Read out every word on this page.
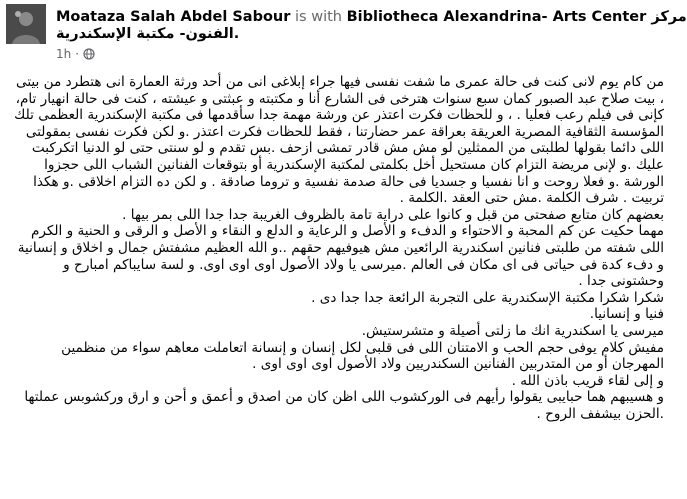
Moataza Salah Abdel Sabour is with Bibliotheca Alexandrina- Arts Center مركز
الفنون- مكتبة الإسكندرية.
1h ·

من كام يوم لانى كنت فى حالة عمرى ما شفت نفسى فيها جراء إبلاغى انى من أحد ورثة العمارة انى هتطرد من بيتى ، بيت صلاح عبد الصبور كمان سبع سنوات هترخى فى الشارع أنا و مكتبته و عبثتى و عيشته ، كنت فى حالة انهيار تام، كإنى فى فيلم رعب فعليا . ، و للحظات فكرت اعتذر عن ورشة مهمة جدا سأقدمها فى مكتبة الإسكندرية العظمى تلك المؤسسة الثقافية المصرية العريقة بعراقة عمر حضارتنا ، فقط للحظات فكرت اعتذر .و لكن فكرت نفسى بمقولتى اللى دائما بقولها لطلبتى من الممثلين لو مش مش قادر تمشى ازحف .بس تقدم و لو سنتى حتى لو الدنيا اتكركبت عليك .و لإنى مريضة التزام كان مستحيل أخل بكلمتى لمكتبة الإسكندرية أو بتوقعات الفنانين الشباب اللى حجزوا الورشة .و فعلا روحت و انا نفسيا و جسديا فى حالة صدمة نفسية و تروما صادقة . و لكن ده التزام اخلاقى .و هكذا تربيت . شرف الكلمة .مش حتى العقد .الكلمة .

بعضهم كان متابع صفحتى من قبل و كانوا على دراية تامة بالظروف الغريبة جدا جدا اللى بمر بيها .

مهما حكيت عن كم المحبة و الاحتواء و الدفء و الأصل و الرعاية و الدلع و النقاء و الأصل و الرقى و الحنية و الكرم اللى شفته من طلبتى فنانين اسكندرية الرائعين مش هيوفيهم حقهم ..و الله العظيم مشفتش جمال و اخلاق و إنسانية و دفء كدة فى حياتى فى اى مكان فى العالم .ميرسى يا ولاد الأصول اوى اوى اوى. و لسة سايباكم امبارح و وحشتونى جدا .

شكرا شكرا مكتبة الإسكندرية على التجربة الرائعة جدا جدا دى .

فنيا و إنسانيا.

ميرسى يا اسكندرية انك ما زلتى أصيلة و متشرستيش.

مفيش كلام يوفى حجم الحب و الامتنان اللى فى قلبى لكل إنسان و إنسانة اتعاملت معاهم سواء من منظمين المهرجان أو من المتدربين الفنانين السكندريين ولاد الأصول اوى اوى اوى .

و إلى لقاء قريب باذن الله .

و هسيبهم هما حبايبى يقولوا رأيهم فى الوركشوب اللى اظن كان من اصدق و أعمق و أحن و ارق وركشوبس عملتها .الحزن بيشفف الروح .
